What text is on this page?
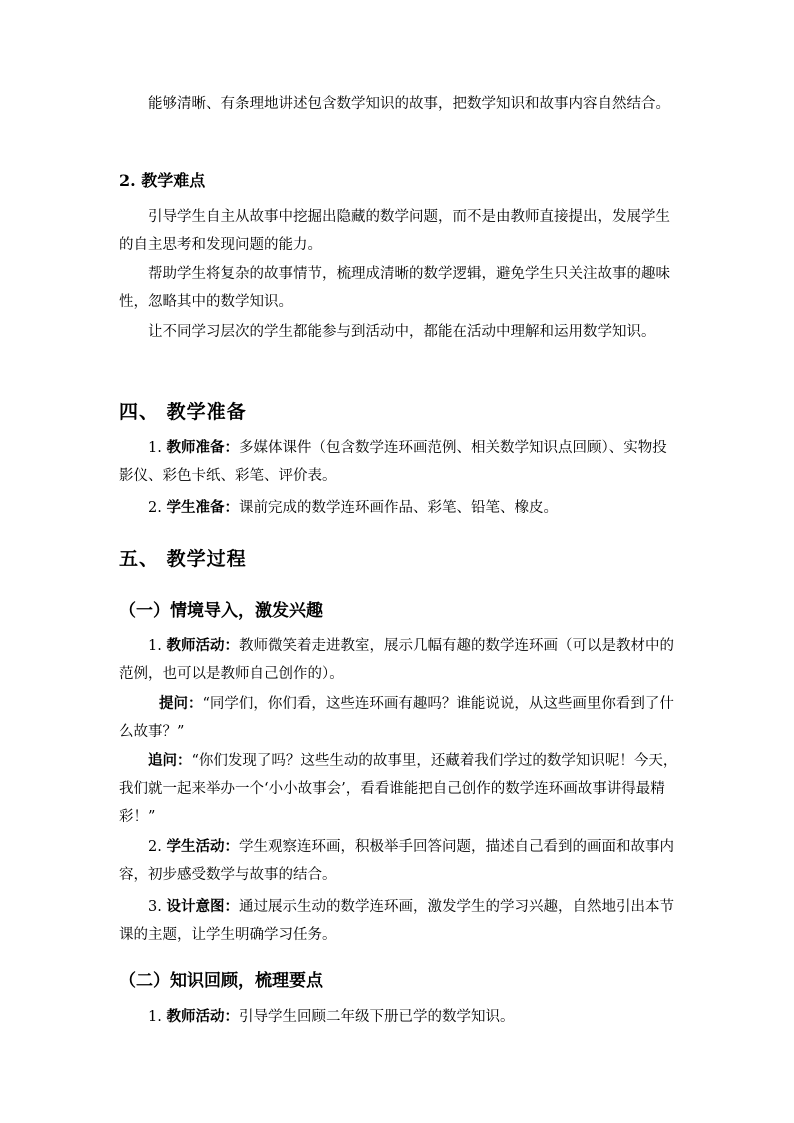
能够清晰、有条理地讲述包含数学知识的故事，把数学知识和故事内容自然结合。

2. 教学难点

引导学生自主从故事中挖掘出隐藏的数学问题，而不是由教师直接提出，发展学生的自主思考和发现问题的能力。

帮助学生将复杂的故事情节，梳理成清晰的数学逻辑，避免学生只关注故事的趣味性，忽略其中的数学知识。

让不同学习层次的学生都能参与到活动中，都能在活动中理解和运用数学知识。

四、 教学准备

1. 教师准备：多媒体课件（包含数学连环画范例、相关数学知识点回顾）、实物投影仪、彩色卡纸、彩笔、评价表。

2. 学生准备：课前完成的数学连环画作品、彩笔、铅笔、橡皮。

五、 教学过程
（一）情境导入，激发兴趣

1. 教师活动：教师微笑着走进教室，展示几幅有趣的数学连环画（可以是教材中的范例，也可以是教师自己创作的）。

提问：“同学们，你们看，这些连环画有趣吗？谁能说说，从这些画里你看到了什么故事？”

追问：“你们发现了吗？这些生动的故事里，还藏着我们学过的数学知识呢！今天，我们就一起来举办一个‘小小故事会’，看看谁能把自己创作的数学连环画故事讲得最精彩！”

2. 学生活动：学生观察连环画，积极举手回答问题，描述自己看到的画面和故事内容，初步感受数学与故事的结合。

3. 设计意图：通过展示生动的数学连环画，激发学生的学习兴趣，自然地引出本节课的主题，让学生明确学习任务。

（二）知识回顾，梳理要点

1. 教师活动：引导学生回顾二年级下册已学的数学知识。
